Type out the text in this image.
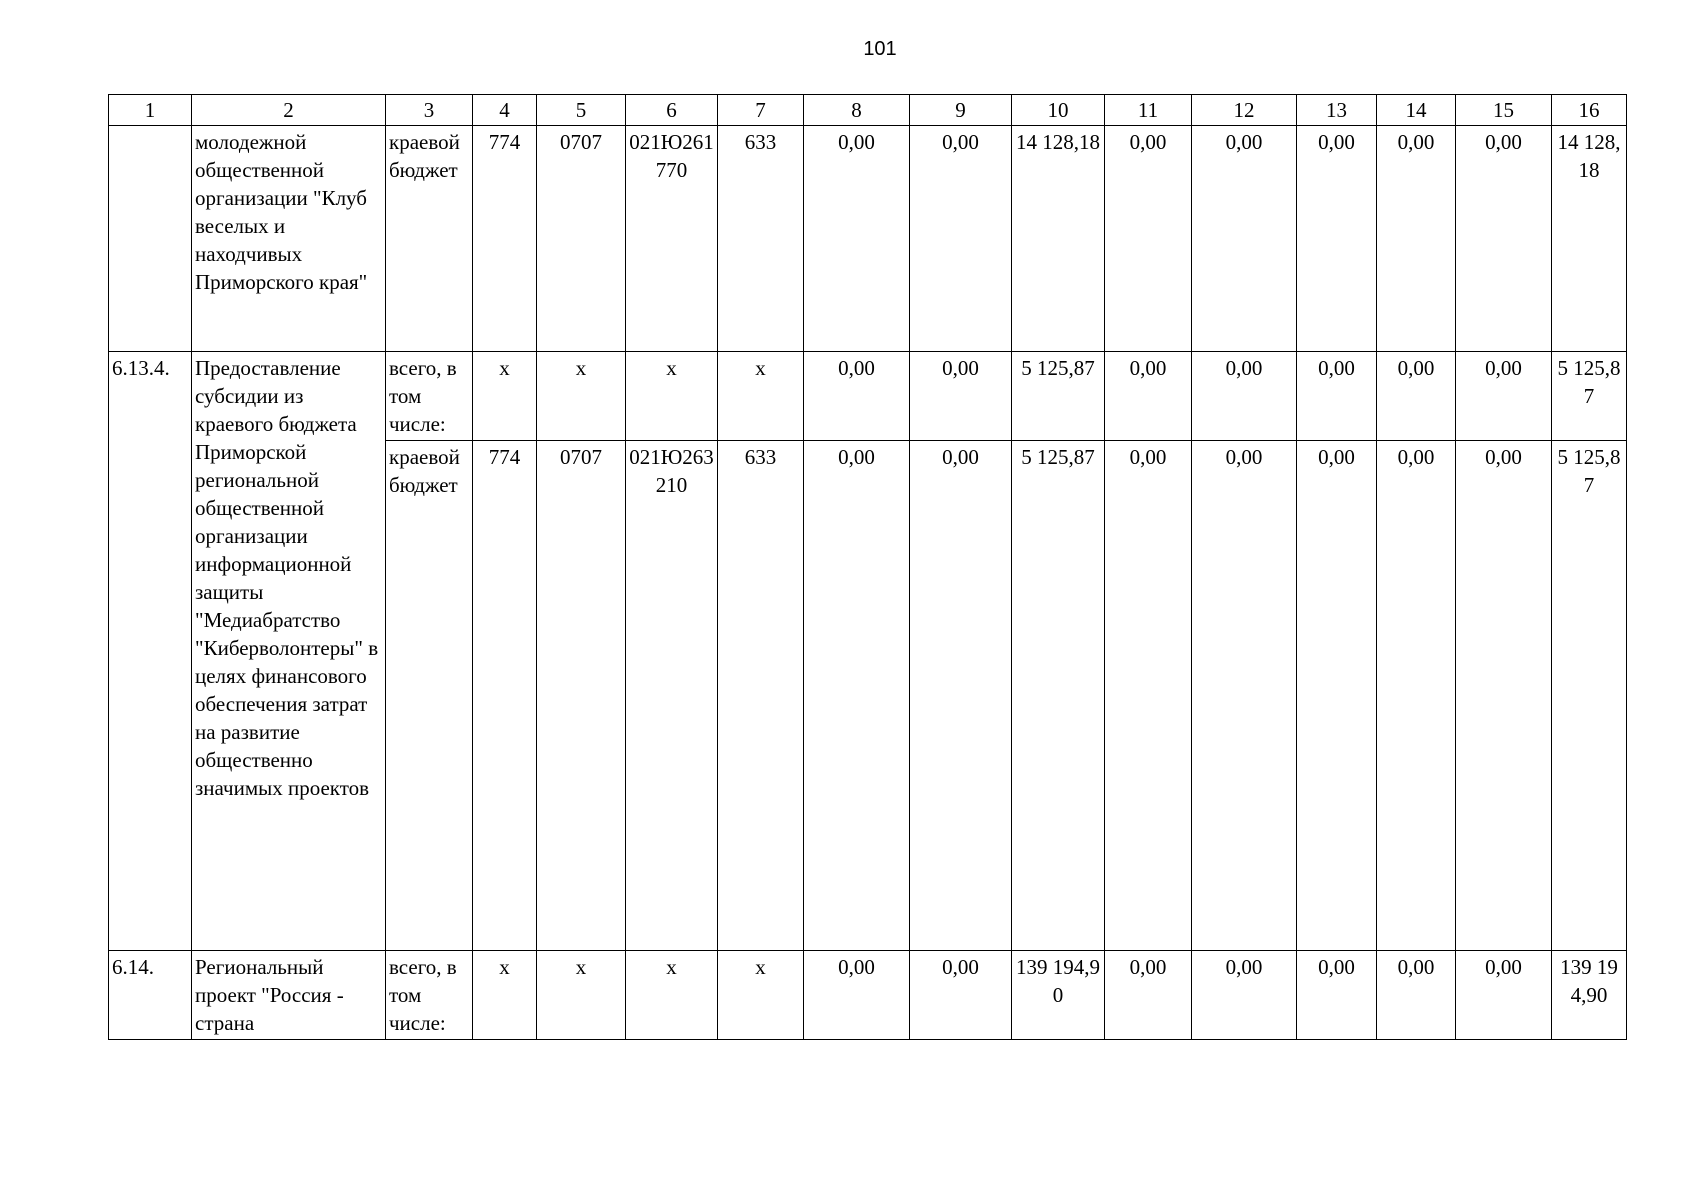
101
1	2	3	4	5	6	7	8	9	10	11	12	13	14	15	16
	молодежной общественной организации "Клуб веселых и находчивых Приморского края"	краевой бюджет	774	0707	021Ю261770	633	0,00	0,00	14 128,18	0,00	0,00	0,00	0,00	0,00	14 128,18
6.13.4.	Предоставление субсидии из краевого бюджета Приморской региональной общественной организации информационной защиты "Медиабратство "Киберволонтеры" в целях финансового обеспечения затрат на развитие общественно значимых проектов	всего, в том числе:	x	x	x	x	0,00	0,00	5 125,87	0,00	0,00	0,00	0,00	0,00	5 125,87
		краевой бюджет	774	0707	021Ю263210	633	0,00	0,00	5 125,87	0,00	0,00	0,00	0,00	0,00	5 125,87
6.14.	Региональный проект "Россия - страна	всего, в том числе:	x	x	x	x	0,00	0,00	139 194,90	0,00	0,00	0,00	0,00	0,00	139 194,90
